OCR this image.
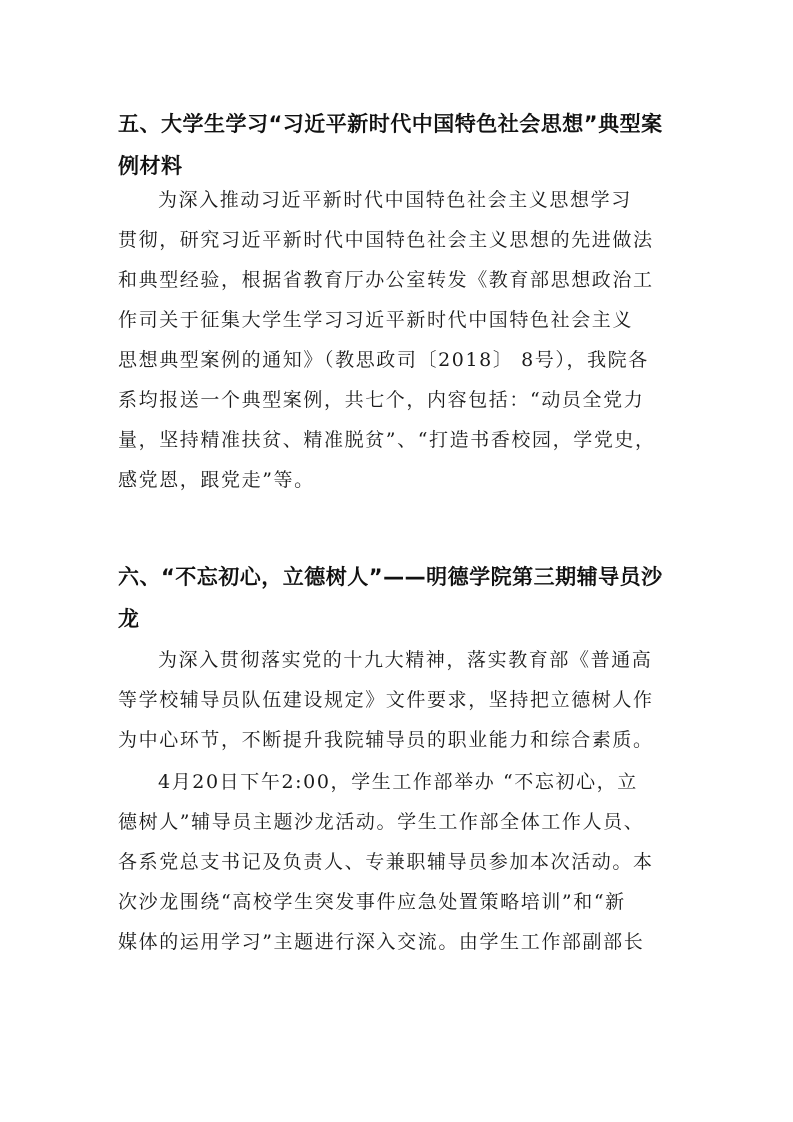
五、大学生学习“习近平新时代中国特色社会思想”典型案
例材料

为深入推动习近平新时代中国特色社会主义思想学习
贯彻，研究习近平新时代中国特色社会主义思想的先进做法
和典型经验，根据省教育厅办公室转发《教育部思想政治工
作司关于征集大学生学习习近平新时代中国特色社会主义
思想典型案例的通知》（教思政司〔2018〕 8号），我院各
系均报送一个典型案例，共七个，内容包括：“动员全党力
量，坚持精准扶贫、精准脱贫”、“打造书香校园，学党史，
感党恩，跟党走”等。

六、“不忘初心，立德树人”——明德学院第三期辅导员沙
龙

为深入贯彻落实党的十九大精神，落实教育部《普通高
等学校辅导员队伍建设规定》文件要求，坚持把立德树人作
为中心环节，不断提升我院辅导员的职业能力和综合素质。

4月20日下午2:00，学生工作部举办 “不忘初心，立
德树人”辅导员主题沙龙活动。学生工作部全体工作人员、
各系党总支书记及负责人、专兼职辅导员参加本次活动。本
次沙龙围绕“高校学生突发事件应急处置策略培训”和“新
媒体的运用学习”主题进行深入交流。由学生工作部副部长
